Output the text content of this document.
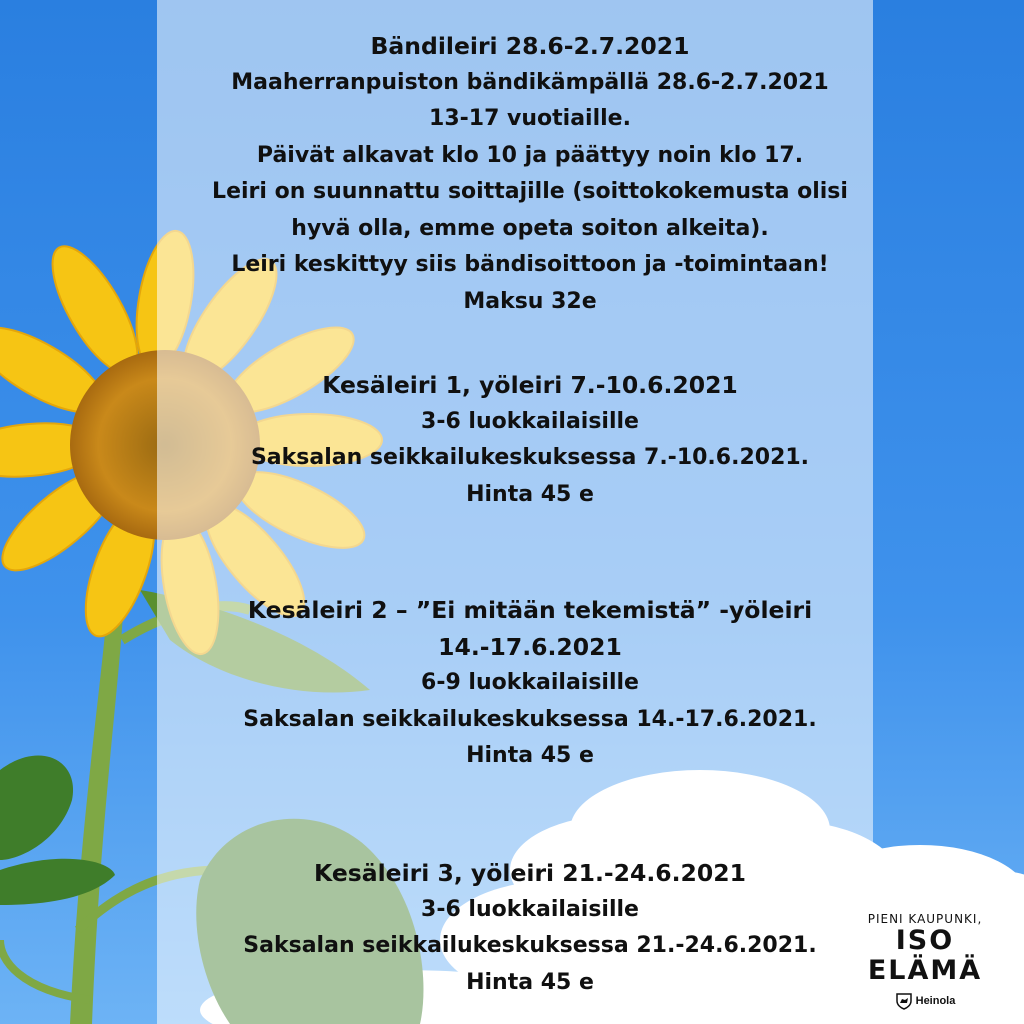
Bändileiri 28.6-2.7.2021

Maaherranpuiston bändikämpällä 28.6-2.7.2021

13-17 vuotiaille.

Päivät alkavat klo 10 ja päättyy noin klo 17.

Leiri on suunnattu soittajille (soittokokemusta olisi

hyvä olla, emme opeta soiton alkeita).

Leiri keskittyy siis bändisoittoon ja -toimintaan!

Maksu 32e

Kesäleiri 1, yöleiri 7.-10.6.2021

3-6 luokkailaisille

Saksalan seikkailukeskuksessa 7.-10.6.2021.

Hinta 45 e

Kesäleiri 2 – ”Ei mitään tekemistä” -yöleiri

14.-17.6.2021

6-9 luokkailaisille

Saksalan seikkailukeskuksessa 14.-17.6.2021.

Hinta 45 e

Kesäleiri 3, yöleiri 21.-24.6.2021

3-6 luokkailaisille

Saksalan seikkailukeskuksessa 21.-24.6.2021.

Hinta 45 e

PIENI KAUPUNKI,
ISO ELÄMÄ
Heinola
